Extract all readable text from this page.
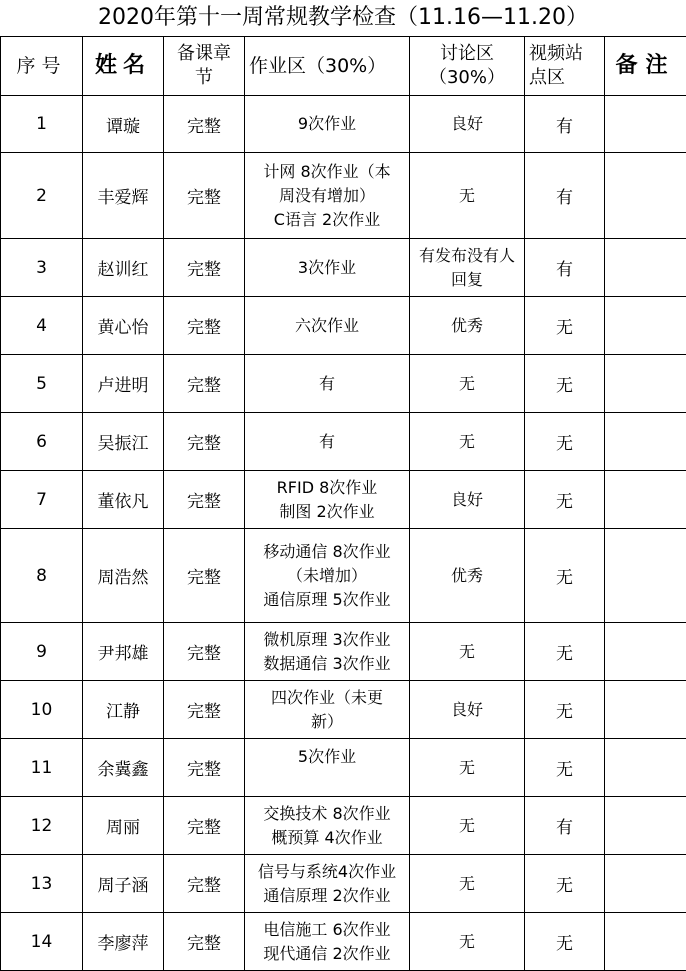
2020年第十一周常规教学检查（11.16—11.20）
序号	姓名	备课章
节	作业区（30%）	讨论区
（30%）	视频站
点区	备注
1	谭璇	完整	9次作业	良好	有	
2	丰爱辉	完整	计网 8次作业（本
周没有增加）
C语言 2次作业	无	有	
3	赵训红	完整	3次作业	有发布没有人
回复	有	
4	黄心怡	完整	六次作业	优秀	无	
5	卢进明	完整	有	无	无	
6	吴振江	完整	有	无	无	
7	董依凡	完整	RFID 8次作业
制图 2次作业	良好	无	
8	周浩然	完整	移动通信 8次作业
（未增加）
通信原理 5次作业	优秀	无	
9	尹邦雄	完整	微机原理 3次作业
数据通信 3次作业	无	无	
10	江静	完整	四次作业（未更
新）	良好	无	
11	余冀鑫	完整	5次作业	无	无	
12	周丽	完整	交换技术 8次作业
概预算 4次作业	无	有	
13	周子涵	完整	信号与系统4次作业
通信原理 2次作业	无	无	
14	李廖萍	完整	电信施工 6次作业
现代通信 2次作业	无	无	
